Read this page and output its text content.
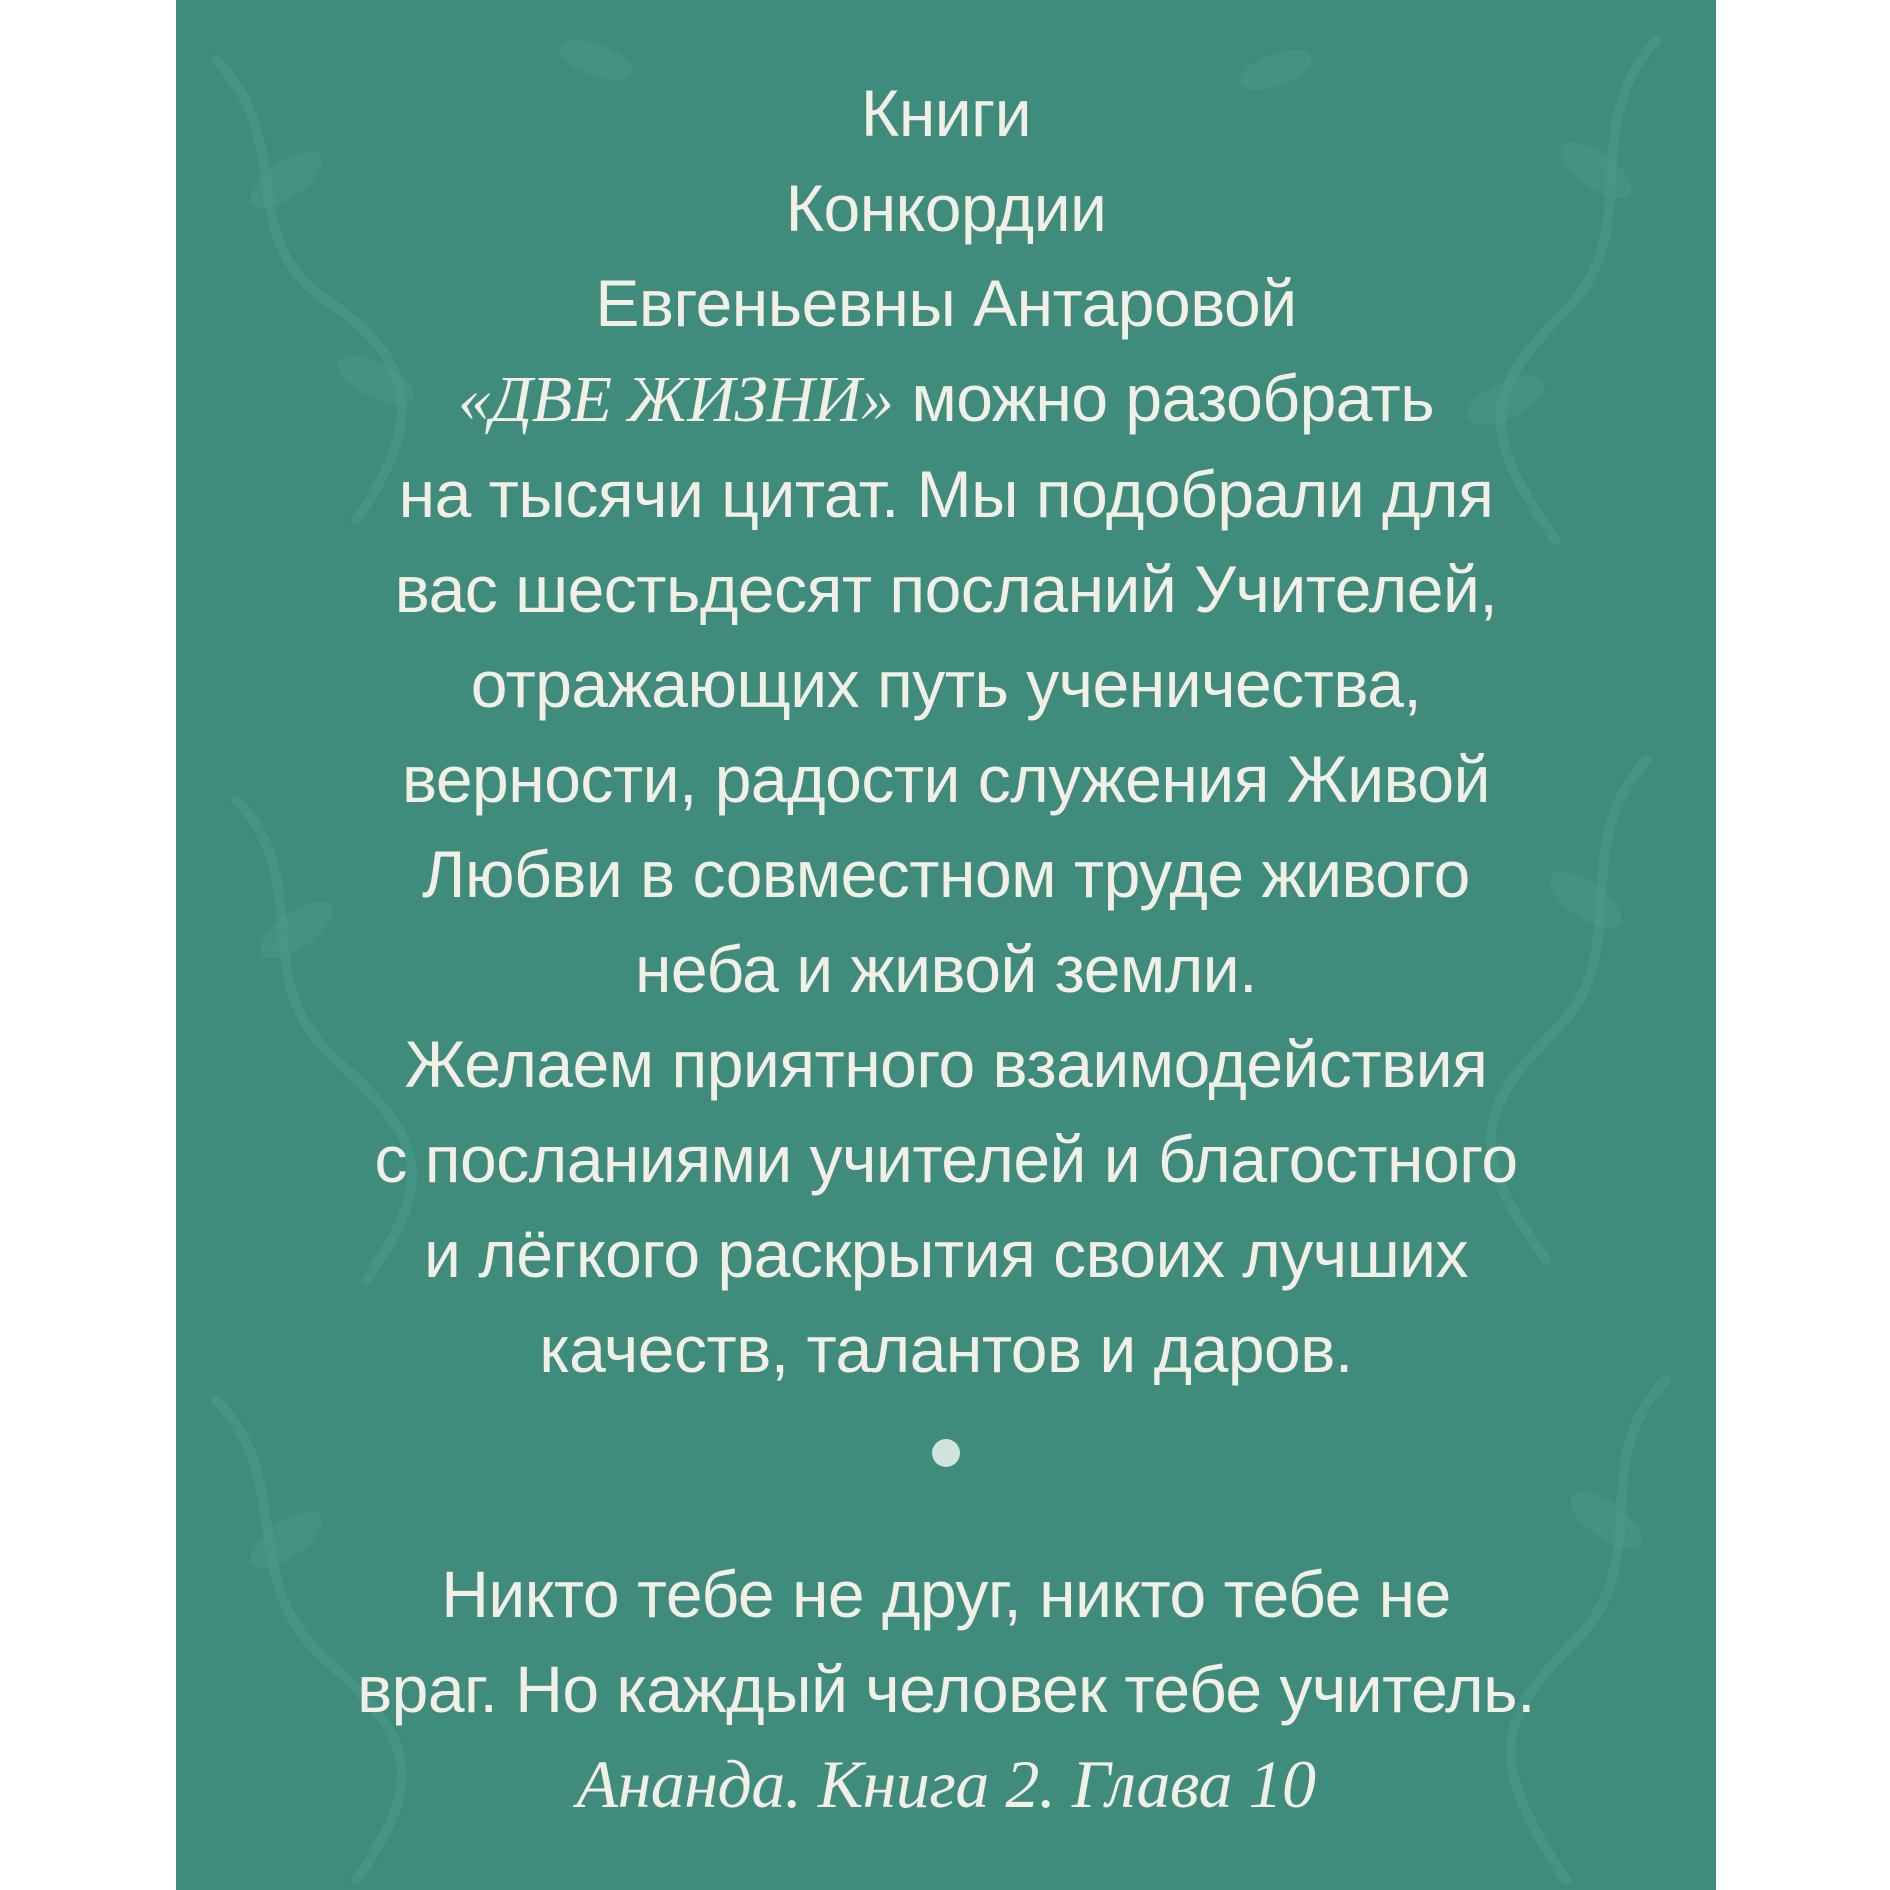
Книги
Конкордии
Евгеньевны Антаровой
«ДВЕ ЖИЗНИ» можно разобрать
на тысячи цитат. Мы подобрали для
вас шестьдесят посланий Учителей,
отражающих путь ученичества,
верности, радости служения Живой
Любви в совместном труде живого
неба и живой земли.
Желаем приятного взаимодействия
с посланиями учителей и благостного
и лёгкого раскрытия своих лучших
качеств, талантов и даров.
Никто тебе не друг, никто тебе не
враг. Но каждый человек тебе учитель.
Ананда. Книга 2. Глава 10
